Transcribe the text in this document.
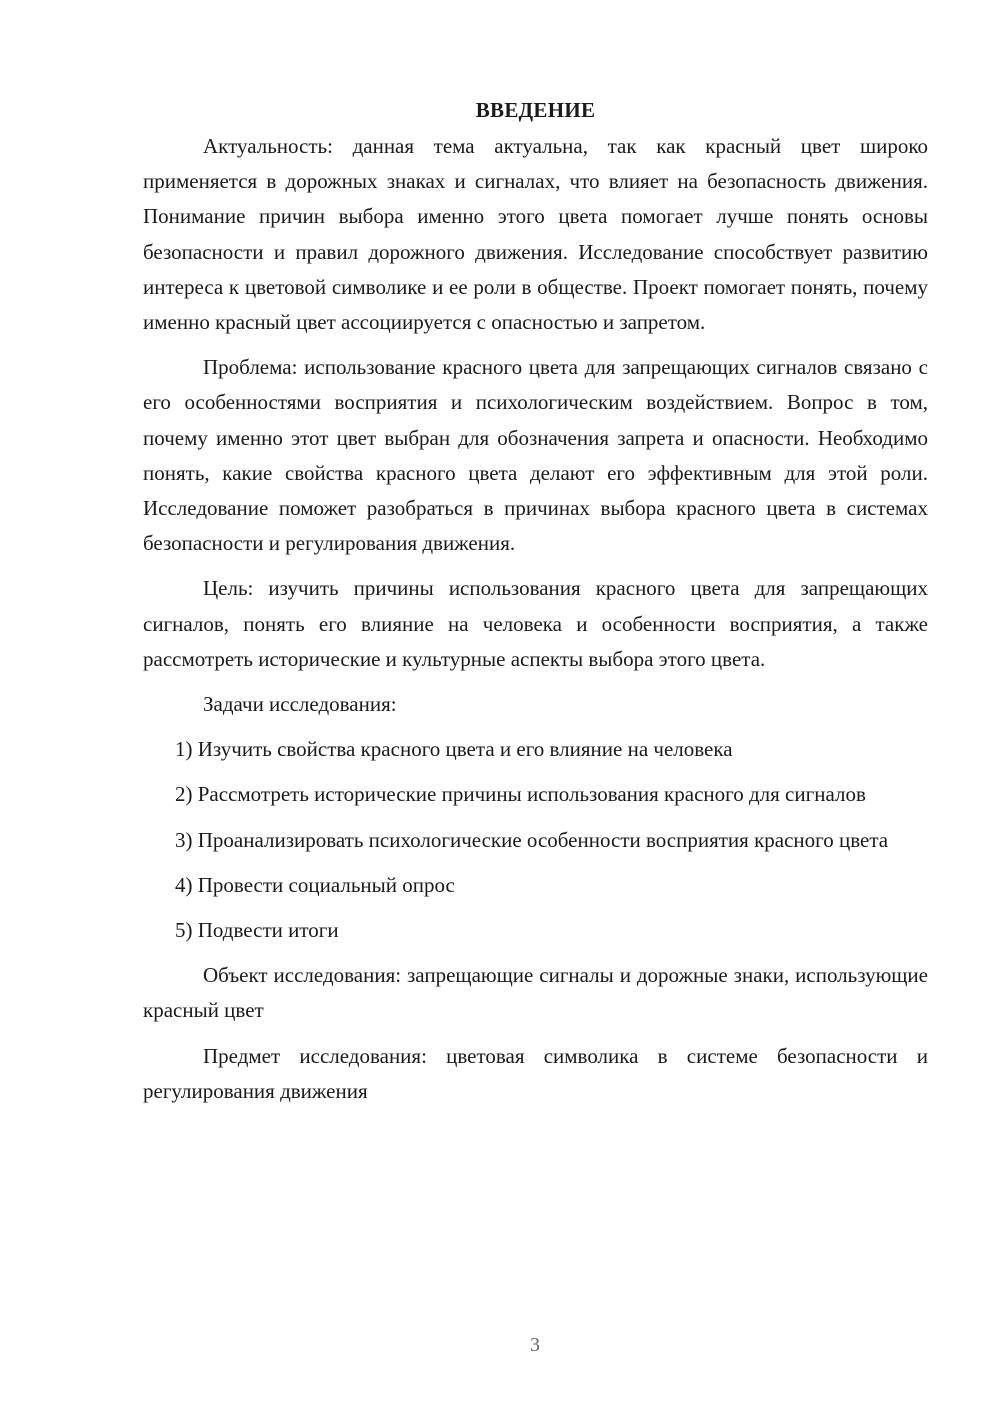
ВВЕДЕНИЕ

Актуальность: данная тема актуальна, так как красный цвет широко применяется в дорожных знаках и сигналах, что влияет на безопасность движения. Понимание причин выбора именно этого цвета помогает лучше понять основы безопасности и правил дорожного движения. Исследование способствует развитию интереса к цветовой символике и ее роли в обществе. Проект помогает понять, почему именно красный цвет ассоциируется с опасностью и запретом.

Проблема: использование красного цвета для запрещающих сигналов связано с его особенностями восприятия и психологическим воздействием. Вопрос в том, почему именно этот цвет выбран для обозначения запрета и опасности. Необходимо понять, какие свойства красного цвета делают его эффективным для этой роли. Исследование поможет разобраться в причинах выбора красного цвета в системах безопасности и регулирования движения.

Цель: изучить причины использования красного цвета для запрещающих сигналов, понять его влияние на человека и особенности восприятия, а также рассмотреть исторические и культурные аспекты выбора этого цвета.

Задачи исследования:

1) Изучить свойства красного цвета и его влияние на человека

2) Рассмотреть исторические причины использования красного для сигналов

3) Проанализировать психологические особенности восприятия красного цвета

4) Провести социальный опрос

5) Подвести итоги

Объект исследования: запрещающие сигналы и дорожные знаки, использующие красный цвет

Предмет исследования: цветовая символика в системе безопасности и регулирования движения

3
